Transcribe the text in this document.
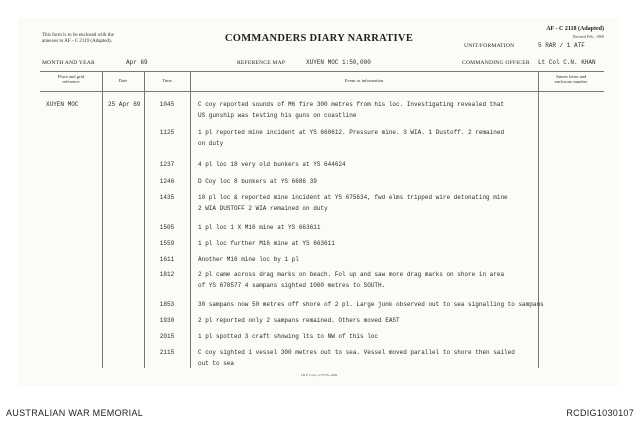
This form is to be enclosed with the
annexes to AF - C 2119 (Adapted).	COMMANDERS DIARY NARRATIVE
AF - C 2118 (Adapted)
Revised Feb., 1969
UNIT/FORMATION	5 RAR / 1 ATF
MONTH AND YEAR	Apr 69	REFERENCE MAP	XUYEN MOC 1:50,000	COMMANDING OFFICER Lt Col C.N. KHAN
Place and grid
reference	Date	Time	Event or information
Annex letter and
enclosure number
XUYEN MOC	25 Apr 69	1045	C coy reported sounds of M6 fire 300 metres from his loc. Investigating revealed that
US gunship was testing his guns on coastline
1125	1 pl reported mine incident at YS 660612. Pressure mine. 3 WIA. 1 Dustoff. 2 remained
on duty
1237	4 pl loc 18 very old bunkers at YS 644624
1246	D Coy loc 8 bunkers at YS 6686 39
1435	10 pl loc & reported mine incident at YS 675634, fwd elms tripped wire detonating mine
2 WIA DUSTOFF 2 WIA remained on duty
1505	1 pl loc 1 X M16 mine at YS 663611
1559	1 pl loc further M16 mine at YS 663611
1611	Another M16 mine loc by 1 pl
1812	2 pl came across drag marks on beach. Fol up and saw more drag marks on shore in area
of YS 678577 4 sampans sighted 1000 metres to SOUTH.
1853	30 sampans now 50 metres off shore of 2 pl. Large junk observed out to sea signalling to sampans
1930	2 pl reported only 2 sampans remained. Others moved EAST
2015	1 pl spotted 3 craft showing lts to NW of this loc
2115	C coy sighted 1 vessel 300 metres out to sea. Vessel moved parallel to shore then sailed
out to sea
I & P Corp--279 NS--69m
AUSTRALIAN WAR MEMORIAL	RCDIG1030107
